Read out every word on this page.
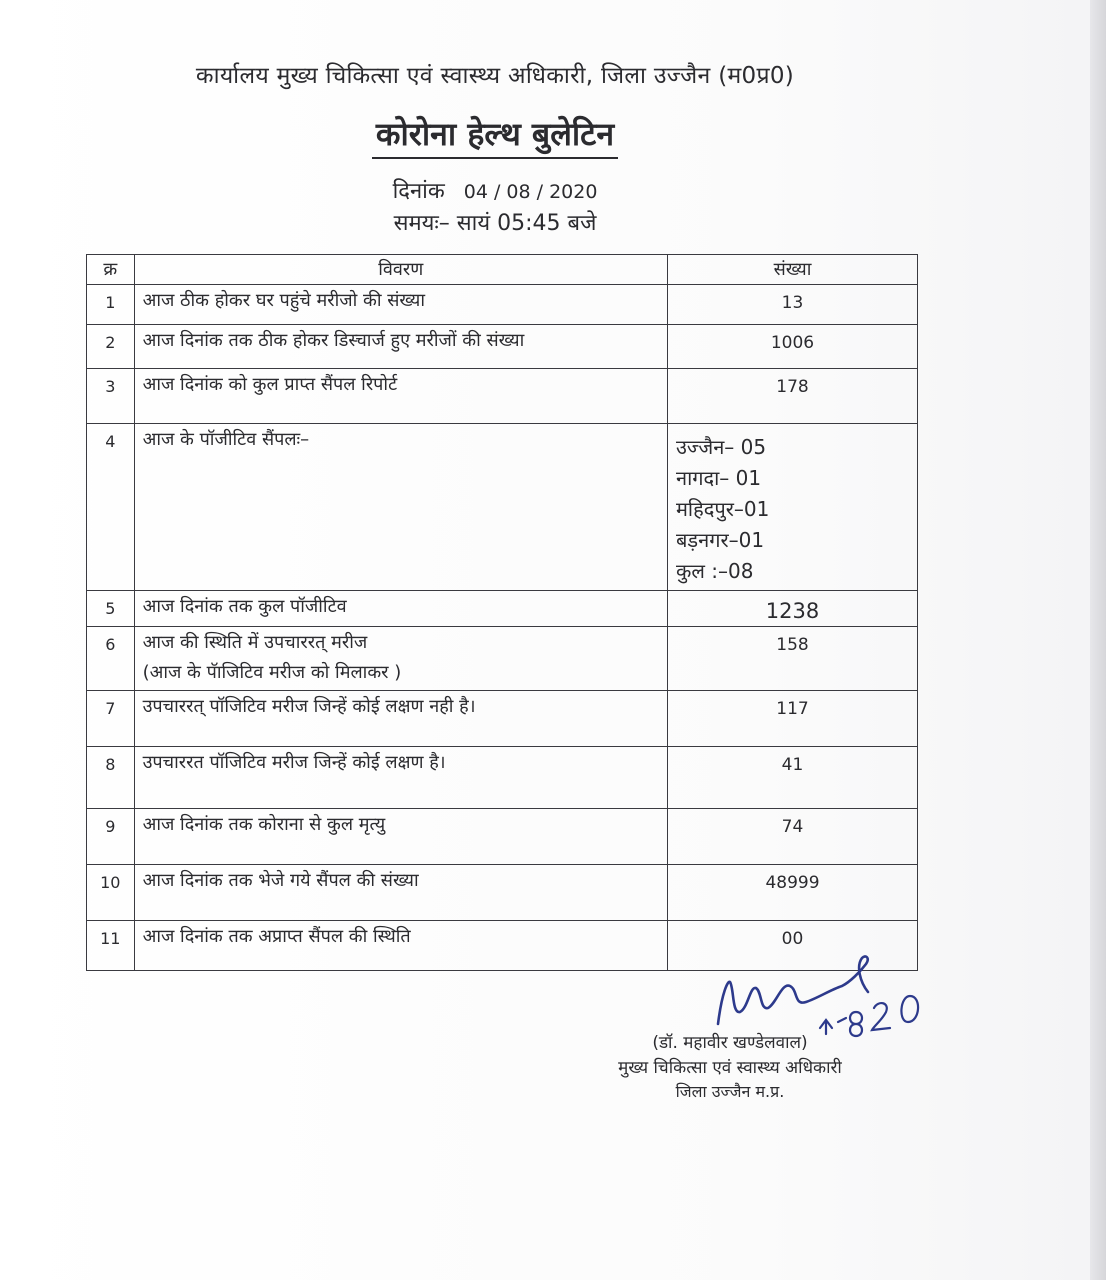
कार्यालय मुख्य चिकित्सा एवं स्वास्थ्य अधिकारी, जिला उज्जैन (म0प्र0)
कोरोना हेल्थ बुलेटिन
दिनांक 04 / 08 / 2020
समयः– सायं 05:45 बजे
क्र	विवरण	संख्या
1	आज ठीक होकर घर पहुंचे मरीजो की संख्या	13
2	आज दिनांक तक ठीक होकर डिस्चार्ज हुए मरीजों की संख्या	1006
3	आज दिनांक को कुल प्राप्त सैंपल रिपोर्ट	178
4	आज के पॉजीटिव सैंपलः–	उज्जैन– 05
नागदा– 01
महिदपुर–01
बड़नगर–01
कुल :–08

5	आज दिनांक तक कुल पॉजीटिव	1238
6	आज की स्थिति में उपचाररत् मरीज
(आज के पॅाजिटिव मरीज को मिलाकर )	158
7	उपचाररत् पॉजिटिव मरीज जिन्हें कोई लक्षण नही है।	117
8	उपचाररत पॉजिटिव मरीज जिन्हें कोई लक्षण है।	41
9	आज दिनांक तक कोराना से कुल मृत्यु	74
10	आज दिनांक तक भेजे गये सैंपल की संख्या	48999
11	आज दिनांक तक अप्राप्त सैंपल की स्थिति	00
(डॉ. महावीर खण्डेलवाल)
मुख्य चिकित्सा एवं स्वास्थ्य अधिकारी
जिला उज्जैन म.प्र.
